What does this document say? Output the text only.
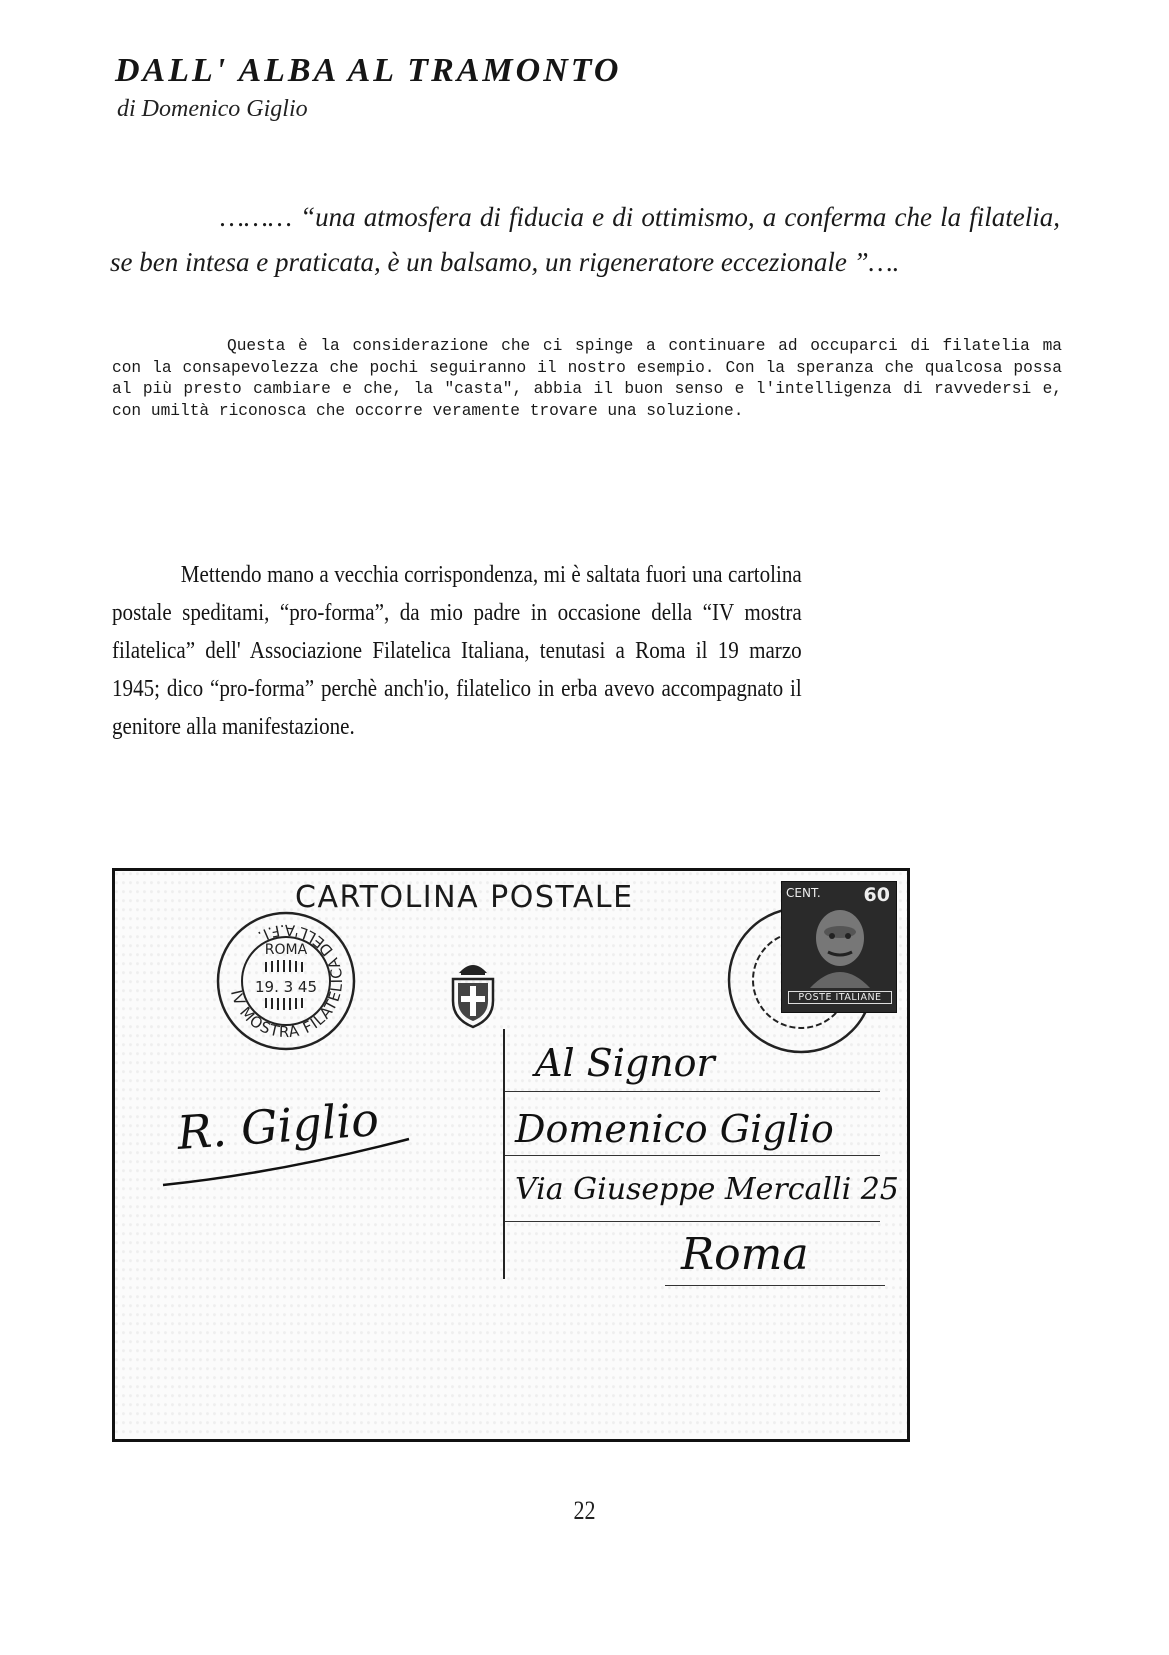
DALL' ALBA AL TRAMONTO
di Domenico Giglio

……… “una atmosfera di fiducia e di ottimismo, a conferma che la filatelia, se ben intesa e praticata, è un balsamo, un rigeneratore eccezionale ”….

Questa è la considerazione che ci spinge a continuare ad occuparci di filatelia ma con la consapevolezza che pochi seguiranno il nostro esempio. Con la speranza che qualcosa possa al più presto cambiare e che, la "casta", abbia il buon senso e l'intelligenza di ravvedersi e, con umiltà riconosca che occorre veramente trovare una soluzione.

Mettendo mano a vecchia corrispondenza, mi è saltata fuori una cartolina postale speditami, “pro-forma”, da mio padre in occasione della “IV mostra filatelica” dell' Associazione Filatelica Italiana, tenutasi a Roma il 19 marzo 1945; dico “pro-forma” perchè anch'io, filatelico in erba avevo accompagnato il genitore alla manifestazione.

CARTOLINA POSTALE
IV MOSTRA FILATELICA DELL'A.F.I.
ROMA
19. 3 45
CENT. 60
POSTE ITALIANE
R. Giglio
Al Signor
Domenico Giglio
Via Giuseppe Mercalli 25
Roma
22
